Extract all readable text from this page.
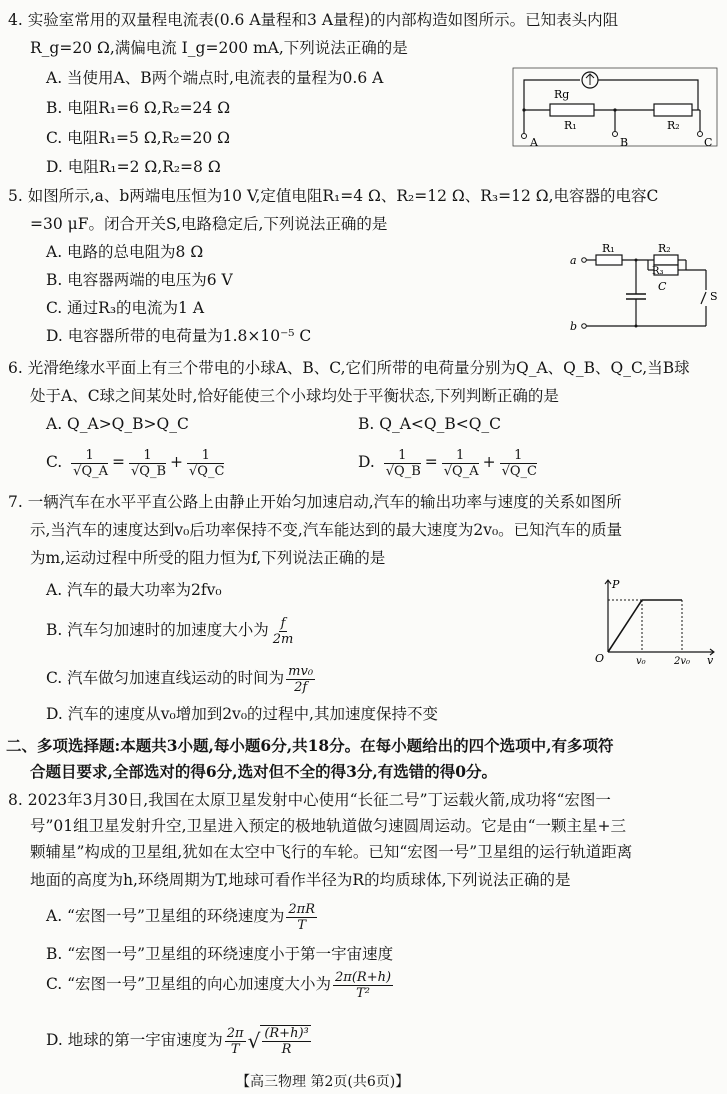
4. 实验室常用的双量程电流表(0.6 A量程和3 A量程)的内部构造如图所示。已知表头内阻
R_g=20 Ω,满偏电流 I_g=200 mA,下列说法正确的是
A. 当使用A、B两个端点时,电流表的量程为0.6 A
B. 电阻R₁=6 Ω,R₂=24 Ω
C. 电阻R₁=5 Ω,R₂=20 Ω
D. 电阻R₁=2 Ω,R₂=8 Ω
Rg
R₁	R₂
A	B	C
5. 如图所示,a、b两端电压恒为10 V,定值电阻R₁=4 Ω、R₂=12 Ω、R₃=12 Ω,电容器的电容C
=30 μF。闭合开关S,电路稳定后,下列说法正确的是
A. 电路的总电阻为8 Ω
B. 电容器两端的电压为6 V
C. 通过R₃的电流为1 A
D. 电容器所带的电荷量为1.8×10⁻⁵ C
a
b
R₁	R₂
R₃
C
S
6. 光滑绝缘水平面上有三个带电的小球A、B、C,它们所带的电荷量分别为Q_A、Q_B、Q_C,当B球
处于A、C球之间某处时,恰好能使三个小球均处于平衡状态,下列判断正确的是
A. Q_A>Q_B>Q_C	B. Q_A<Q_B<Q_C
C. $\frac{1}{√Q\_A} = \frac{1}{√Q\_B} + \frac{1}{√Q\_C}$	D. $\frac{1}{√Q\_B} = \frac{1}{√Q\_A} + \frac{1}{√Q\_C}$
7. 一辆汽车在水平平直公路上由静止开始匀加速启动,汽车的输出功率与速度的关系如图所
示,当汽车的速度达到v₀后功率保持不变,汽车能达到的最大速度为2v₀。已知汽车的质量
为m,运动过程中所受的阻力恒为f,下列说法正确的是
A. 汽车的最大功率为2fv₀
B. 汽车匀加速时的加速度大小为 $\frac{f}{2m}$
C. 汽车做匀加速直线运动的时间为 $\frac{\text{mv₀}}{2f}$
D. 汽车的速度从v₀增加到2v₀的过程中,其加速度保持不变
P
O	v₀	2v₀ v
二、多项选择题:本题共3小题,每小题6分,共18分。在每小题给出的四个选项中,有多项符
合题目要求,全部选对的得6分,选对但不全的得3分,有选错的得0分。
8. 2023年3月30日,我国在太原卫星发射中心使用“长征二号”丁运载火箭,成功将“宏图一
号”01组卫星发射升空,卫星进入预定的极地轨道做匀速圆周运动。它是由“一颗主星+三
颗辅星”构成的卫星组,犹如在太空中飞行的车轮。已知“宏图一号”卫星组的运行轨道距离
地面的高度为h,环绕周期为T,地球可看作半径为R的均质球体,下列说法正确的是
A. “宏图一号”卫星组的环绕速度为 $\frac{2\pi R}{T}$
B. “宏图一号”卫星组的环绕速度小于第一宇宙速度
C. “宏图一号”卫星组的向心加速度大小为 $\frac{2\pi(R+h)}{\text{T²}}$
D. 地球的第一宇宙速度为 $\frac{2\pi}{T}$ √ $\frac{\text{(R+h)³}}{R}$
【高三物理 第2页(共6页)】
